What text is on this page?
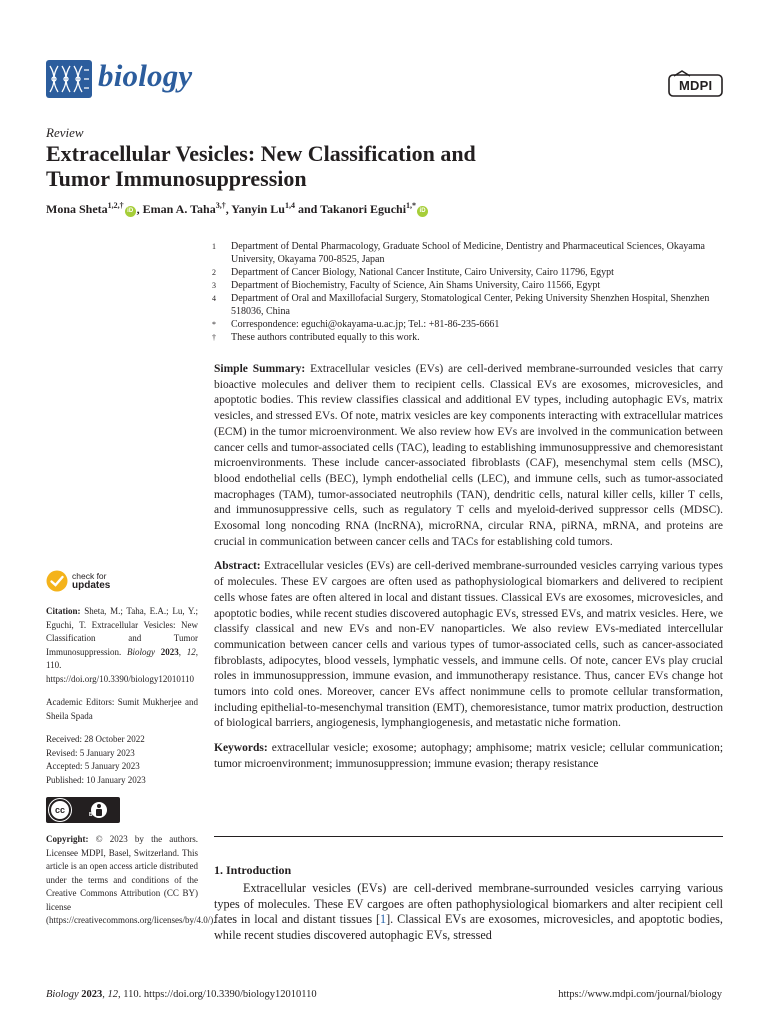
biology	MDPI
Review
Extracellular Vesicles: New Classification and
Tumor Immunosuppression
Mona Sheta$^{1,2,\dagger}$iD , Eman A. Taha$^{3,\dagger}$, Yanyin Lu$^{1,4}$ and Takanori Eguchi$^{1,*}$iD
1	Department of Dental Pharmacology, Graduate School of Medicine, Dentistry and Pharmaceutical Sciences, Okayama University, Okayama 700-8525, Japan
2	Department of Cancer Biology, National Cancer Institute, Cairo University, Cairo 11796, Egypt
3	Department of Biochemistry, Faculty of Science, Ain Shams University, Cairo 11566, Egypt
4	Department of Oral and Maxillofacial Surgery, Stomatological Center, Peking University Shenzhen Hospital, Shenzhen 518036, China
*	Correspondence: eguchi@okayama-u.ac.jp; Tel.: +81-86-235-6661
†	These authors contributed equally to this work.

Simple Summary: Extracellular vesicles (EVs) are cell-derived membrane-surrounded vesicles that carry bioactive molecules and deliver them to recipient cells. Classical EVs are exosomes, microvesicles, and apoptotic bodies. This review classifies classical and additional EV types, including autophagic EVs, matrix vesicles, and stressed EVs. Of note, matrix vesicles are key components interacting with extracellular matrices (ECM) in the tumor microenvironment. We also review how EVs are involved in the communication between cancer cells and tumor-associated cells (TAC), leading to establishing immunosuppressive and chemoresistant microenvironments. These include cancer-associated fibroblasts (CAF), mesenchymal stem cells (MSC), blood endothelial cells (BEC), lymph endothelial cells (LEC), and immune cells, such as tumor-associated macrophages (TAM), tumor-associated neutrophils (TAN), dendritic cells, natural killer cells, killer T cells, and immunosuppressive cells, such as regulatory T cells and myeloid-derived suppressor cells (MDSC). Exosomal long noncoding RNA (lncRNA), microRNA, circular RNA, piRNA, mRNA, and proteins are crucial in communication between cancer cells and TACs for establishing cold tumors.

Abstract: Extracellular vesicles (EVs) are cell-derived membrane-surrounded vesicles carrying various types of molecules. These EV cargoes are often used as pathophysiological biomarkers and delivered to recipient cells whose fates are often altered in local and distant tissues. Classical EVs are exosomes, microvesicles, and apoptotic bodies, while recent studies discovered autophagic EVs, stressed EVs, and matrix vesicles. Here, we classify classical and new EVs and non-EV nanoparticles. We also review EVs-mediated intercellular communication between cancer cells and various types of tumor-associated cells, such as cancer-associated fibroblasts, adipocytes, blood vessels, lymphatic vessels, and immune cells. Of note, cancer EVs play crucial roles in immunosuppression, immune evasion, and immunotherapy resistance. Thus, cancer EVs change hot tumors into cold ones. Moreover, cancer EVs affect nonimmune cells to promote cellular transformation, including epithelial-to-mesenchymal transition (EMT), chemoresistance, tumor matrix production, destruction of biological barriers, angiogenesis, lymphangiogenesis, and metastatic niche formation.

Keywords: extracellular vesicle; exosome; autophagy; amphisome; matrix vesicle; cellular communication; tumor microenvironment; immunosuppression; immune evasion; therapy resistance

1. Introduction

Extracellular vesicles (EVs) are cell-derived membrane-surrounded vesicles carrying various types of molecules. These EV cargoes are often pathophysiological biomarkers and alter recipient cell fates in local and distant tissues [1]. Classical EVs are exosomes, microvesicles, and apoptotic bodies, while recent studies discovered autophagic EVs, stressed

check for
updates
Citation: Sheta, M.; Taha, E.A.; Lu, Y.; Eguchi, T. Extracellular Vesicles: New Classification and Tumor Immunosuppression. Biology 2023, 12, 110. https://doi.org/10.3390/biology12010110
Academic Editors: Sumit Mukherjee and Sheila Spada
Received: 28 October 2022
Revised: 5 January 2023
Accepted: 5 January 2023
Published: 10 January 2023
cc	BY
Copyright: © 2023 by the authors. Licensee MDPI, Basel, Switzerland. This article is an open access article distributed under the terms and conditions of the Creative Commons Attribution (CC BY) license (https://creativecommons.org/licenses/by/4.0/).
Biology 2023, 12, 110. https://doi.org/10.3390/biology12010110	https://www.mdpi.com/journal/biology
